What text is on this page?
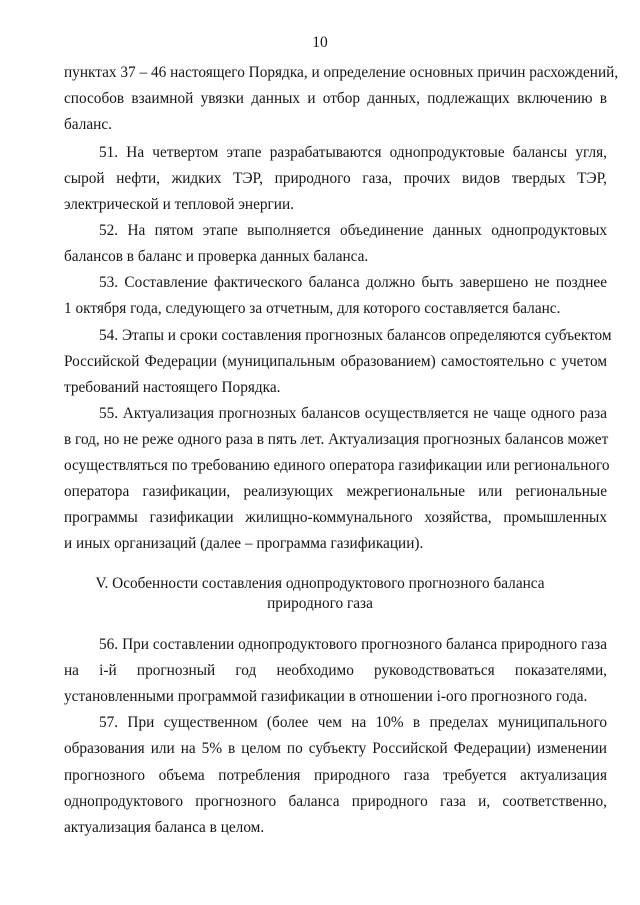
10
пунктах 37 – 46 настоящего Порядка, и определение основных причин расхождений,
способов взаимной увязки данных и отбор данных, подлежащих включению в
баланс.
51. На четвертом этапе разрабатываются однопродуктовые балансы угля,
сырой нефти, жидких ТЭР, природного газа, прочих видов твердых ТЭР,
электрической и тепловой энергии.
52. На пятом этапе выполняется объединение данных однопродуктовых
балансов в баланс и проверка данных баланса.
53. Составление фактического баланса должно быть завершено не позднее
1 октября года, следующего за отчетным, для которого составляется баланс.
54. Этапы и сроки составления прогнозных балансов определяются субъектом
Российской Федерации (муниципальным образованием) самостоятельно с учетом
требований настоящего Порядка.
55. Актуализация прогнозных балансов осуществляется не чаще одного раза
в год, но не реже одного раза в пять лет. Актуализация прогнозных балансов может
осуществляться по требованию единого оператора газификации или регионального
оператора газификации, реализующих межрегиональные или региональные
программы газификации жилищно-коммунального хозяйства, промышленных
и иных организаций (далее – программа газификации).
V. Особенности составления однопродуктового прогнозного баланса
природного газа
56. При составлении однопродуктового прогнозного баланса природного газа
на i-й прогнозный год необходимо руководствоваться показателями,
установленными программой газификации в отношении i-ого прогнозного года.
57. При существенном (более чем на 10% в пределах муниципального
образования или на 5% в целом по субъекту Российской Федерации) изменении
прогнозного объема потребления природного газа требуется актуализация
однопродуктового прогнозного баланса природного газа и, соответственно,
актуализация баланса в целом.
